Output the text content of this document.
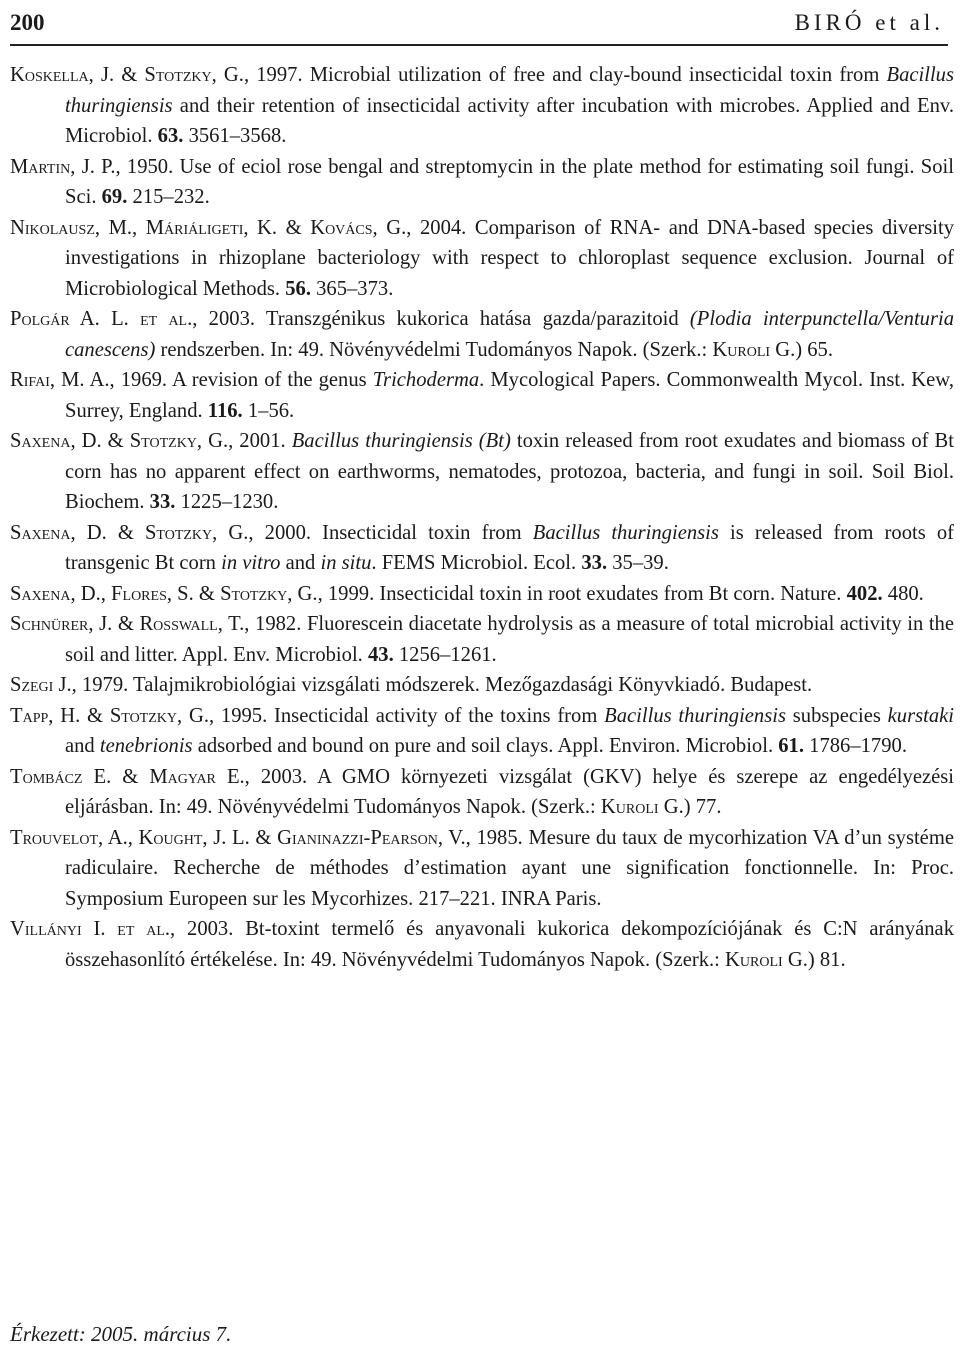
200	BIRÓ et al.

Koskella, J. & Stotzky, G., 1997. Microbial utilization of free and clay-bound insecticidal toxin from Bacillus thuringiensis and their retention of insecticidal activity after incubation with microbes. Applied and Env. Microbiol. 63. 3561–3568.

Martin, J. P., 1950. Use of eciol rose bengal and streptomycin in the plate method for estimating soil fungi. Soil Sci. 69. 215–232.

Nikolausz, M., Máriáligeti, K. & Kovács, G., 2004. Comparison of RNA- and DNA-based species diversity investigations in rhizoplane bacteriology with respect to chloroplast sequence exclusion. Journal of Microbiological Methods. 56. 365–373.

Polgár A. L. et al., 2003. Transzgénikus kukorica hatása gazda/parazitoid (Plodia interpunctella/Venturia canescens) rendszerben. In: 49. Növényvédelmi Tudományos Napok. (Szerk.: Kuroli G.) 65.

Rifai, M. A., 1969. A revision of the genus Trichoderma. Mycological Papers. Commonwealth Mycol. Inst. Kew, Surrey, England. 116. 1–56.

Saxena, D. & Stotzky, G., 2001. Bacillus thuringiensis (Bt) toxin released from root exudates and biomass of Bt corn has no apparent effect on earthworms, nematodes, protozoa, bacteria, and fungi in soil. Soil Biol. Biochem. 33. 1225–1230.

Saxena, D. & Stotzky, G., 2000. Insecticidal toxin from Bacillus thuringiensis is released from roots of transgenic Bt corn in vitro and in situ. FEMS Microbiol. Ecol. 33. 35–39.

Saxena, D., Flores, S. & Stotzky, G., 1999. Insecticidal toxin in root exudates from Bt corn. Nature. 402. 480.

Schnürer, J. & Rosswall, T., 1982. Fluorescein diacetate hydrolysis as a measure of total microbial activity in the soil and litter. Appl. Env. Microbiol. 43. 1256–1261.

Szegi J., 1979. Talajmikrobiológiai vizsgálati módszerek. Mezőgazdasági Könyvkiadó. Budapest.

Tapp, H. & Stotzky, G., 1995. Insecticidal activity of the toxins from Bacillus thuringiensis subspecies kurstaki and tenebrionis adsorbed and bound on pure and soil clays. Appl. Environ. Microbiol. 61. 1786–1790.

Tombácz E. & Magyar E., 2003. A GMO környezeti vizsgálat (GKV) helye és szerepe az engedélyezési eljárásban. In: 49. Növényvédelmi Tudományos Napok. (Szerk.: Kuroli G.) 77.

Trouvelot, A., Kought, J. L. & Gianinazzi-Pearson, V., 1985. Mesure du taux de mycorhization VA d’un systéme radiculaire. Recherche de méthodes d’estimation ayant une signification fonctionnelle. In: Proc. Symposium Europeen sur les Mycorhizes. 217–221. INRA Paris.

Villányi I. et al., 2003. Bt-toxint termelő és anyavonali kukorica dekompozíciójának és C:N arányának összehasonlító értékelése. In: 49. Növényvédelmi Tudományos Napok. (Szerk.: Kuroli G.) 81.

Érkezett: 2005. március 7.
